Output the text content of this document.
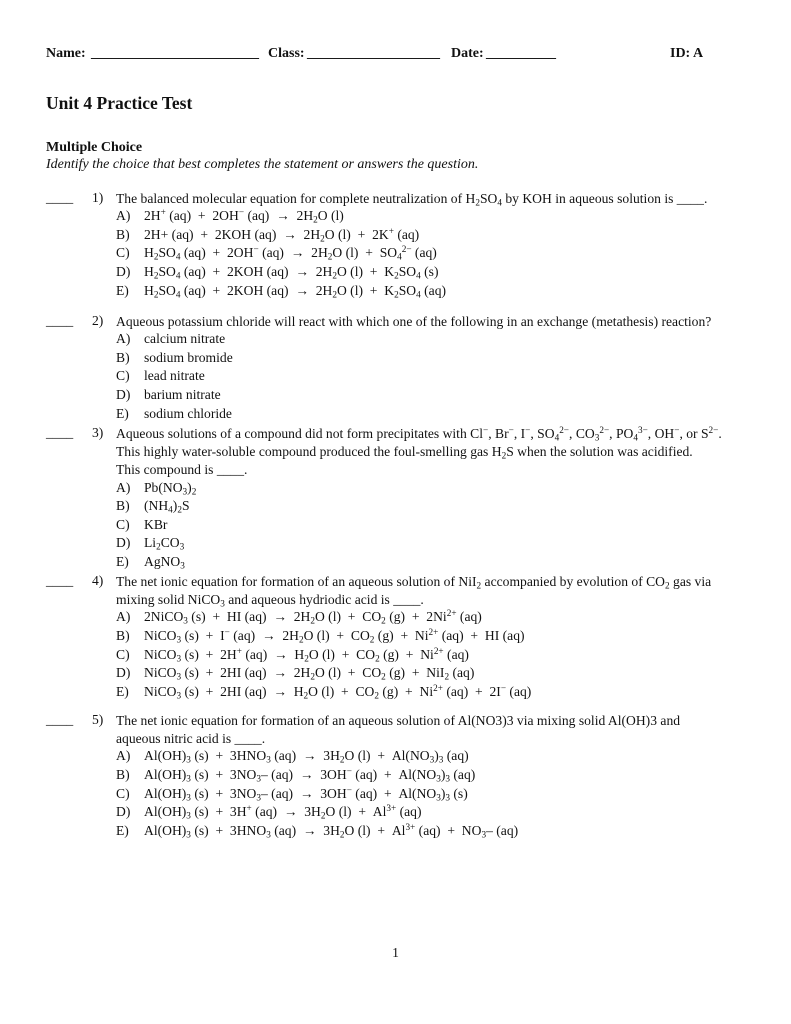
Name: ________________________ Class: ___________________ Date: __________	ID: A
Unit 4 Practice Test
Multiple Choice
Identify the choice that best completes the statement or answers the question.
____ 1) The balanced molecular equation for complete neutralization of $H_2SO_4$ by KOH in aqueous solution is ____.
A) 2H+ (aq)  +  2OH− $(aq) \to 2H_2O$ (l)
B) 2H+ (aq)  +  2KOH $(aq) \to 2H_2O$ (l)  +  2K+ (aq)
C) $H_2SO_4$ (aq)  +  2OH− $(aq) \to 2H_2O$ $(l) + SO_4^{2-}$ (aq)
D) $H_2SO_4$ (aq)  +  2KOH $(aq) \to 2H_2O$ $(l) + K_2SO_4$ (s)
E) $H_2SO_4$ (aq)  +  2KOH $(aq) \to 2H_2O$ $(l) + K_2SO_4$ (aq)
____ 2) Aqueous potassium chloride will react with which one of the following in an exchange (metathesis) reaction?
A) calcium nitrate
B) sodium bromide
C) lead nitrate
D) barium nitrate
E) sodium chloride
____ 3) Aqueous solutions of a compound did not form precipitates with Cl−, Br−, I−, $SO_4^{2-}$, $CO_3^{2-}$, $PO_4^{3-}$, OH−, or $S^{2-}$.
This highly water-soluble compound produced the foul-smelling gas $H_2S$ when the solution was acidified.
This compound is ____.
A) $Pb(NO_3)_2$
B) $(NH_4)_2S$
C) KBr
D) $Li_2CO_3$
E) AgNO$_3$
____ 4) The net ionic equation for formation of an aqueous solution of NiI$_2$ accompanied by evolution of $CO_2$ gas via
mixing solid NiCO$_3$ and aqueous hydriodic acid is ____.
A) 2NiCO$_3$ (s)  +  HI $(aq) \to 2H_2O$ $(l) + CO_2$ $(g) + 2Ni^{2+}$ (aq)
B) NiCO$_3$ (s)  +  I− $(aq) \to 2H_2O$ $(l) + CO_2$ $(g) + Ni^{2+}$ (aq)  +  HI (aq)
C) NiCO$_3$ (s)  +  2H+ $(aq) \to H_2O$ $(l) + CO_2$ $(g) + Ni^{2+}$ (aq)
D) NiCO$_3$ (s)  +  2HI $(aq) \to 2H_2O$ $(l) + CO_2$ (g)  +  NiI$_2$ (aq)
E) NiCO$_3$ (s)  +  2HI $(aq) \to H_2O$ $(l) + CO_2$ $(g) + Ni^{2+}$ (aq)  +  2I− (aq)
____ 5) The net ionic equation for formation of an aqueous solution of Al(NO3)3 via mixing solid Al(OH)3 and
aqueous nitric acid is ____.
A) $Al(OH)_3$ $(s) + 3HNO_3$ $(aq) \to 3H_2O$ $(l) + Al(NO_3)_3$ (aq)
B) $Al(OH)_3$ $(s) + 3NO_3-$ (aq)  →  3OH− $(aq) + Al(NO_3)_3$ (aq)
C) $Al(OH)_3$ $(s) + 3NO_3-$ (aq)  →  3OH− $(aq) + Al(NO_3)_3$ (s)
D) $Al(OH)_3$ (s)  +  3H+ $(aq) \to 3H_2O$ $(l) + Al^{3+}$ (aq)
E) $Al(OH)_3$ $(s) + 3HNO_3$ $(aq) \to 3H_2O$ $(l) + Al^{3+}$ $(aq) + NO_3-$ (aq)
1
